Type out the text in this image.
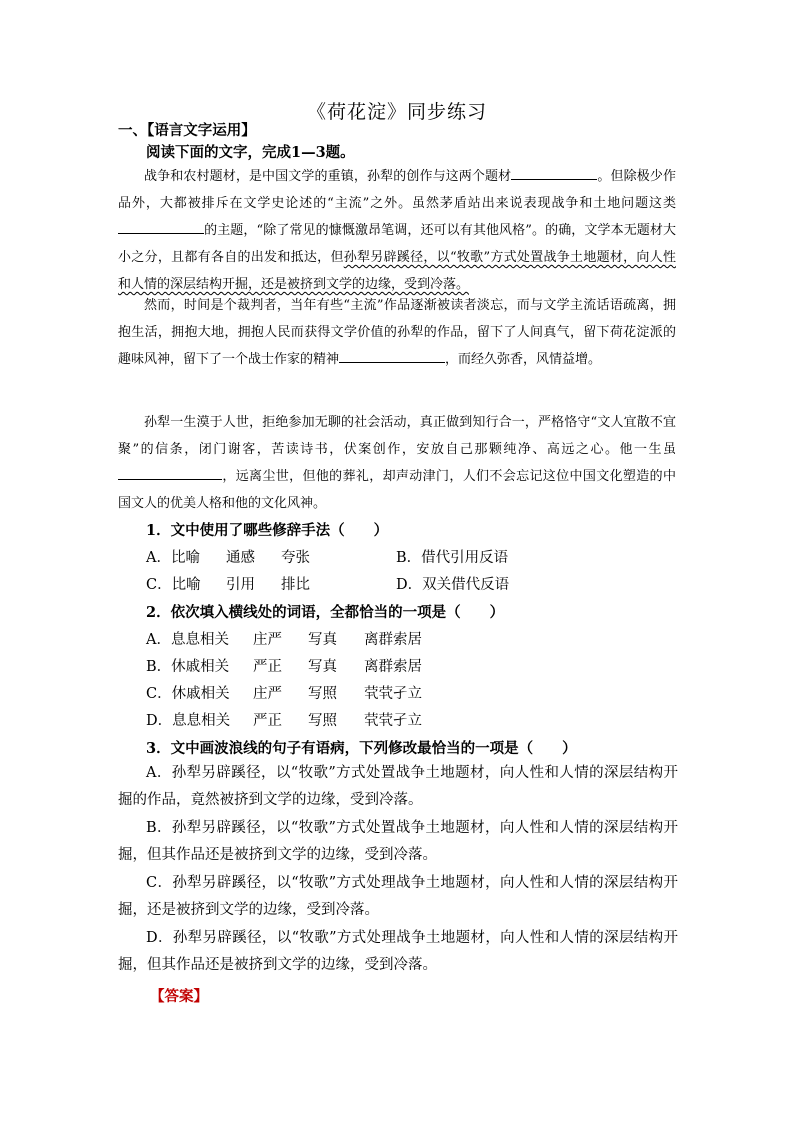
《荷花淀》同步练习
一、【语言文字运用】
阅读下面的文字，完成1—3题。
战争和农村题材，是中国文学的重镇，孙犁的创作与这两个题材	。但除极少作品外，大都被排斥在文学史论述的“主流”之外。虽然茅盾站出来说表现战争和土地问题这类的主题，“除了常见的慷慨激昂笔调，还可以有其他风格”。的确，文学本无题材大小之分，且都有各自的出发和抵达，但孙犁另辟蹊径，以“牧歌”方式处置战争土地题材，向人性和人情的深层结构开掘，还是被挤到文学的边缘，受到冷落。
然而，时间是个裁判者，当年有些“主流”作品逐渐被读者淡忘，而与文学主流话语疏离，拥抱生活，拥抱大地，拥抱人民而获得文学价值的孙犁的作品，留下了人间真气，留下荷花淀派的趣味风神，留下了一个战士作家的精神	，而经久弥香，风情益增。
孙犁一生漠于人世，拒绝参加无聊的社会活动，真正做到知行合一，严格恪守“文人宜散不宜聚”的信条，闭门谢客，苦读诗书，伏案创作，安放自己那颗纯净、高远之心。他一生虽，远离尘世，但他的葬礼，却声动津门，人们不会忘记这位中国文化塑造的中国文人的优美人格和他的文化风神。
1．文中使用了哪些修辞手法（　　）
A．比喻 通感 夸张	B．借代引用反语
C．比喻 引用 排比	D．双关借代反语
2．依次填入横线处的词语，全都恰当的一项是（　　）
A．息息相关 庄严 写真 离群索居
B．休戚相关 严正 写真 离群索居
C．休戚相关 庄严 写照 茕茕孑立
D．息息相关 严正 写照 茕茕孑立
3．文中画波浪线的句子有语病，下列修改最恰当的一项是（　　）
A．孙犁另辟蹊径，以“牧歌”方式处置战争土地题材，向人性和人情的深层结构开掘的作品，竟然被挤到文学的边缘，受到冷落。
B．孙犁另辟蹊径，以“牧歌”方式处置战争土地题材，向人性和人情的深层结构开掘，但其作品还是被挤到文学的边缘，受到冷落。
C．孙犁另辟蹊径，以“牧歌”方式处理战争土地题材，向人性和人情的深层结构开掘，还是被挤到文学的边缘，受到冷落。
D．孙犁另辟蹊径，以“牧歌”方式处理战争土地题材，向人性和人情的深层结构开掘，但其作品还是被挤到文学的边缘，受到冷落。
【答案】
